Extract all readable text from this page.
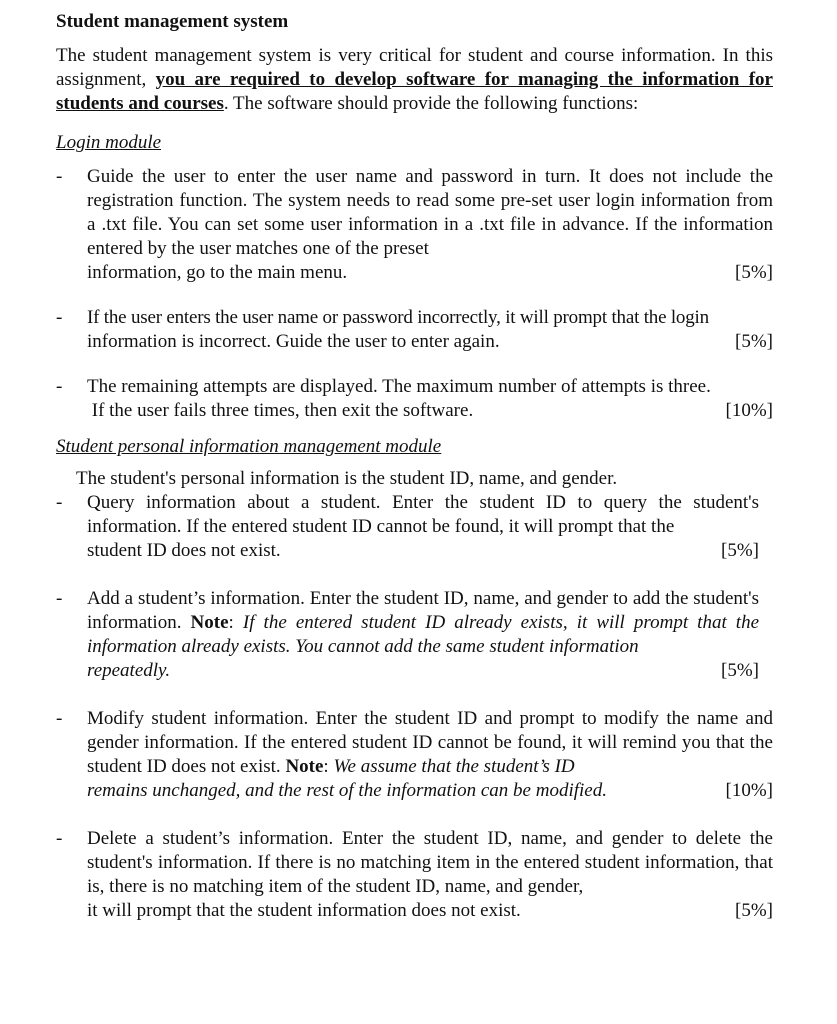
Student management system

The student management system is very critical for student and course information. In this assignment, you are required to develop software for managing the information for students and courses. The software should provide the following functions:

Login module
- Guide the user to enter the user name and password in turn. It does not include the registration function. The system needs to read some pre-set user login information from a .txt file. You can set some user information in a .txt file in advance. If the information entered by the user matches one of the preset
information, go to the main menu.	[5%]
- If the user enters the user name or password incorrectly, it will prompt that the login
information is incorrect. Guide the user to enter again.	[5%]
- The remaining attempts are displayed. The maximum number of attempts is three.
If the user fails three times, then exit the software.	[10%]
Student personal information management module
The student's personal information is the student ID, name, and gender.
- Query information about a student. Enter the student ID to query the student's information. If the entered student ID cannot be found, it will prompt that the
student ID does not exist.	[5%]
- Add a student’s information. Enter the student ID, name, and gender to add the student's information. Note: If the entered student ID already exists, it will prompt that the information already exists. You cannot add the same student information
repeatedly.	[5%]
- Modify student information. Enter the student ID and prompt to modify the name and gender information. If the entered student ID cannot be found, it will remind you that the student ID does not exist. Note: We assume that the student’s ID
remains unchanged, and the rest of the information can be modified.	[10%]
- Delete a student’s information. Enter the student ID, name, and gender to delete the student's information. If there is no matching item in the entered student information, that is, there is no matching item of the student ID, name, and gender,
it will prompt that the student information does not exist.	[5%]
